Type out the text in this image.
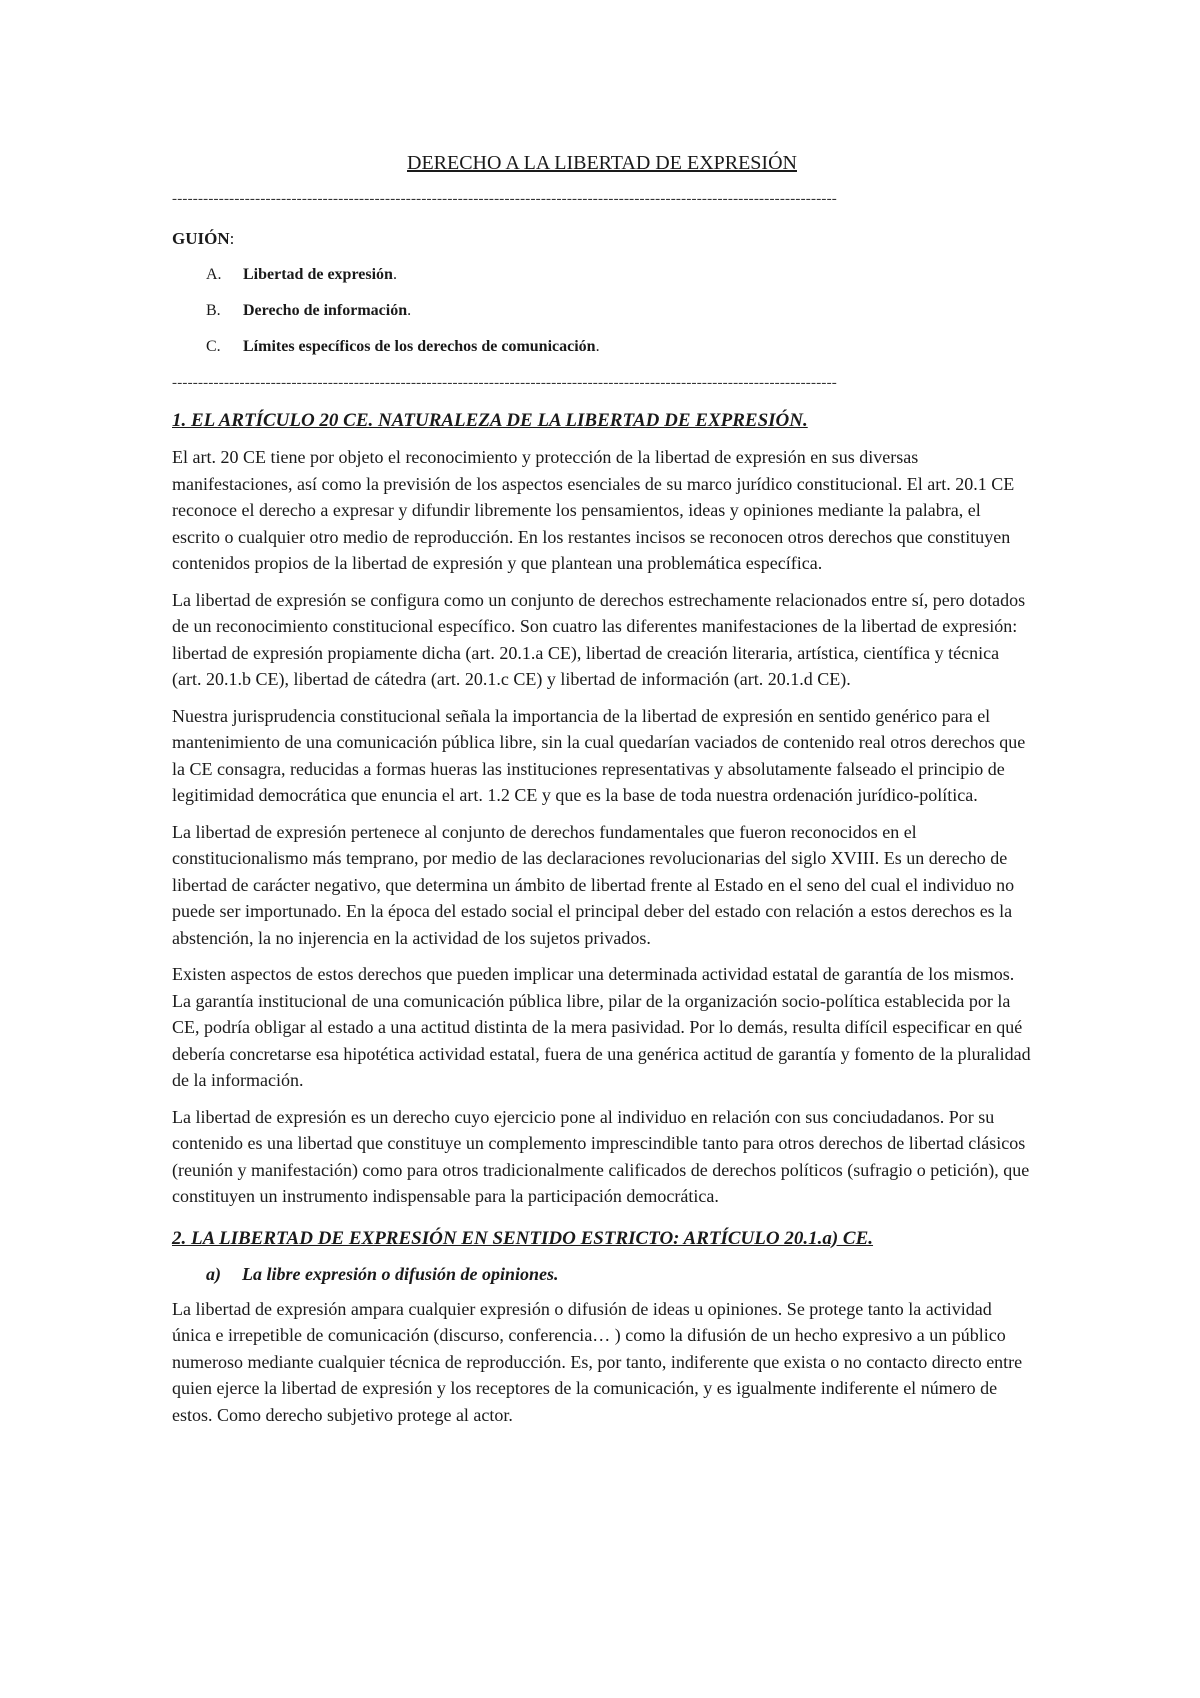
DERECHO A LA LIBERTAD DE EXPRESIÓN
--------------------------------------------------------------------------------------------------------------------------------
GUIÓN:
A. Libertad de expresión.
B. Derecho de información.
C. Límites específicos de los derechos de comunicación.
--------------------------------------------------------------------------------------------------------------------------------
1. EL ARTÍCULO 20 CE. NATURALEZA DE LA LIBERTAD DE EXPRESIÓN.

El art. 20 CE tiene por objeto el reconocimiento y protección de la libertad de expresión en sus diversas manifestaciones, así como la previsión de los aspectos esenciales de su marco jurídico constitucional. El art. 20.1 CE reconoce el derecho a expresar y difundir libremente los pensamientos, ideas y opiniones mediante la palabra, el escrito o cualquier otro medio de reproducción. En los restantes incisos se reconocen otros derechos que constituyen contenidos propios de la libertad de expresión y que plantean una problemática específica.

La libertad de expresión se configura como un conjunto de derechos estrechamente relacionados entre sí, pero dotados de un reconocimiento constitucional específico. Son cuatro las diferentes manifestaciones de la libertad de expresión: libertad de expresión propiamente dicha (art. 20.1.a CE), libertad de creación literaria, artística, científica y técnica (art. 20.1.b CE), libertad de cátedra (art. 20.1.c CE) y libertad de información (art. 20.1.d CE).

Nuestra jurisprudencia constitucional señala la importancia de la libertad de expresión en sentido genérico para el mantenimiento de una comunicación pública libre, sin la cual quedarían vaciados de contenido real otros derechos que la CE consagra, reducidas a formas hueras las instituciones representativas y absolutamente falseado el principio de legitimidad democrática que enuncia el art. 1.2 CE y que es la base de toda nuestra ordenación jurídico-política.

La libertad de expresión pertenece al conjunto de derechos fundamentales que fueron reconocidos en el constitucionalismo más temprano, por medio de las declaraciones revolucionarias del siglo XVIII. Es un derecho de libertad de carácter negativo, que determina un ámbito de libertad frente al Estado en el seno del cual el individuo no puede ser importunado. En la época del estado social el principal deber del estado con relación a estos derechos es la abstención, la no injerencia en la actividad de los sujetos privados.

Existen aspectos de estos derechos que pueden implicar una determinada actividad estatal de garantía de los mismos. La garantía institucional de una comunicación pública libre, pilar de la organización socio-política establecida por la CE, podría obligar al estado a una actitud distinta de la mera pasividad. Por lo demás, resulta difícil especificar en qué debería concretarse esa hipotética actividad estatal, fuera de una genérica actitud de garantía y fomento de la pluralidad de la información.

La libertad de expresión es un derecho cuyo ejercicio pone al individuo en relación con sus conciudadanos. Por su contenido es una libertad que constituye un complemento imprescindible tanto para otros derechos de libertad clásicos (reunión y manifestación) como para otros tradicionalmente calificados de derechos políticos (sufragio o petición), que constituyen un instrumento indispensable para la participación democrática.

2. LA LIBERTAD DE EXPRESIÓN EN SENTIDO ESTRICTO: ARTÍCULO 20.1.a) CE.
a) La libre expresión o difusión de opiniones.

La libertad de expresión ampara cualquier expresión o difusión de ideas u opiniones. Se protege tanto la actividad única e irrepetible de comunicación (discurso, conferencia… ) como la difusión de un hecho expresivo a un público numeroso mediante cualquier técnica de reproducción. Es, por tanto, indiferente que exista o no contacto directo entre quien ejerce la libertad de expresión y los receptores de la comunicación, y es igualmente indiferente el número de estos. Como derecho subjetivo protege al actor.
